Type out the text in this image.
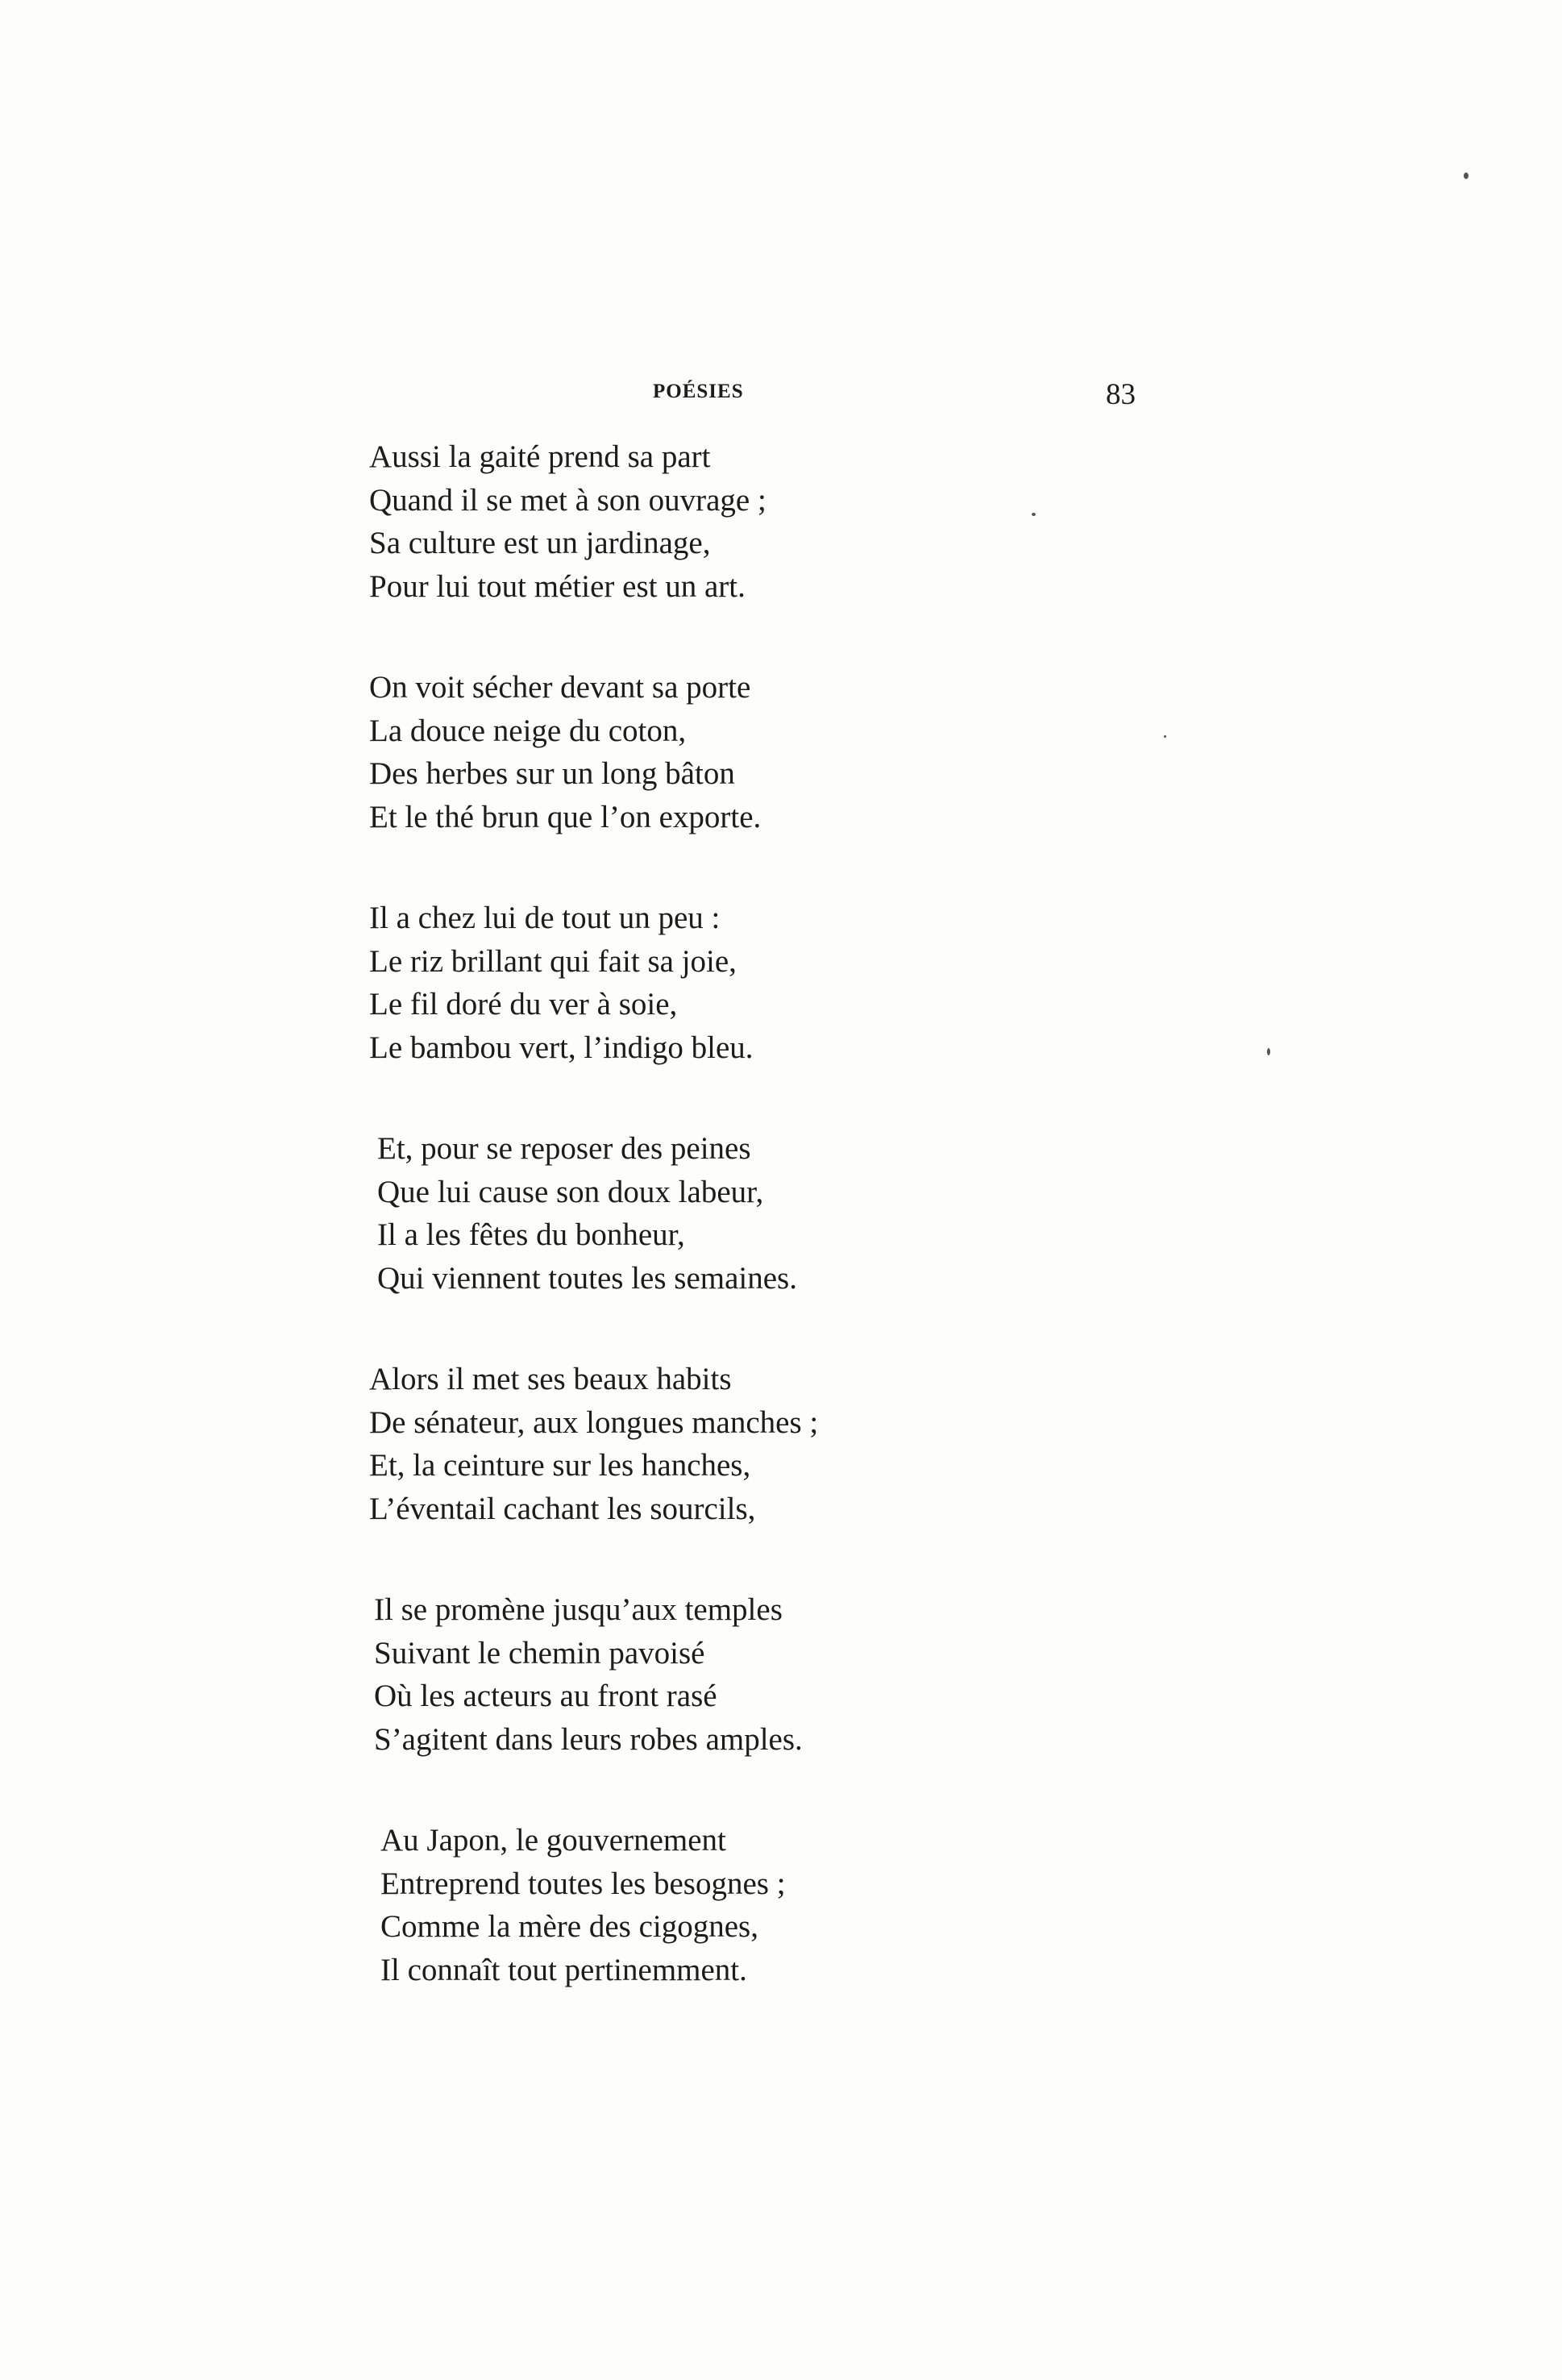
POÉSIES	83
Aussi la gaité prend sa part
Quand il se met à son ouvrage ;
Sa culture est un jardinage,
Pour lui tout métier est un art.
On voit sécher devant sa porte
La douce neige du coton,
Des herbes sur un long bâton
Et le thé brun que l’on exporte.
Il a chez lui de tout un peu :
Le riz brillant qui fait sa joie,
Le fil doré du ver à soie,
Le bambou vert, l’indigo bleu.
Et, pour se reposer des peines
Que lui cause son doux labeur,
Il a les fêtes du bonheur,
Qui viennent toutes les semaines.
Alors il met ses beaux habits
De sénateur, aux longues manches ;
Et, la ceinture sur les hanches,
L’éventail cachant les sourcils,
Il se promène jusqu’aux temples
Suivant le chemin pavoisé
Où les acteurs au front rasé
S’agitent dans leurs robes amples.
Au Japon, le gouvernement
Entreprend toutes les besognes ;
Comme la mère des cigognes,
Il connaît tout pertinemment.
